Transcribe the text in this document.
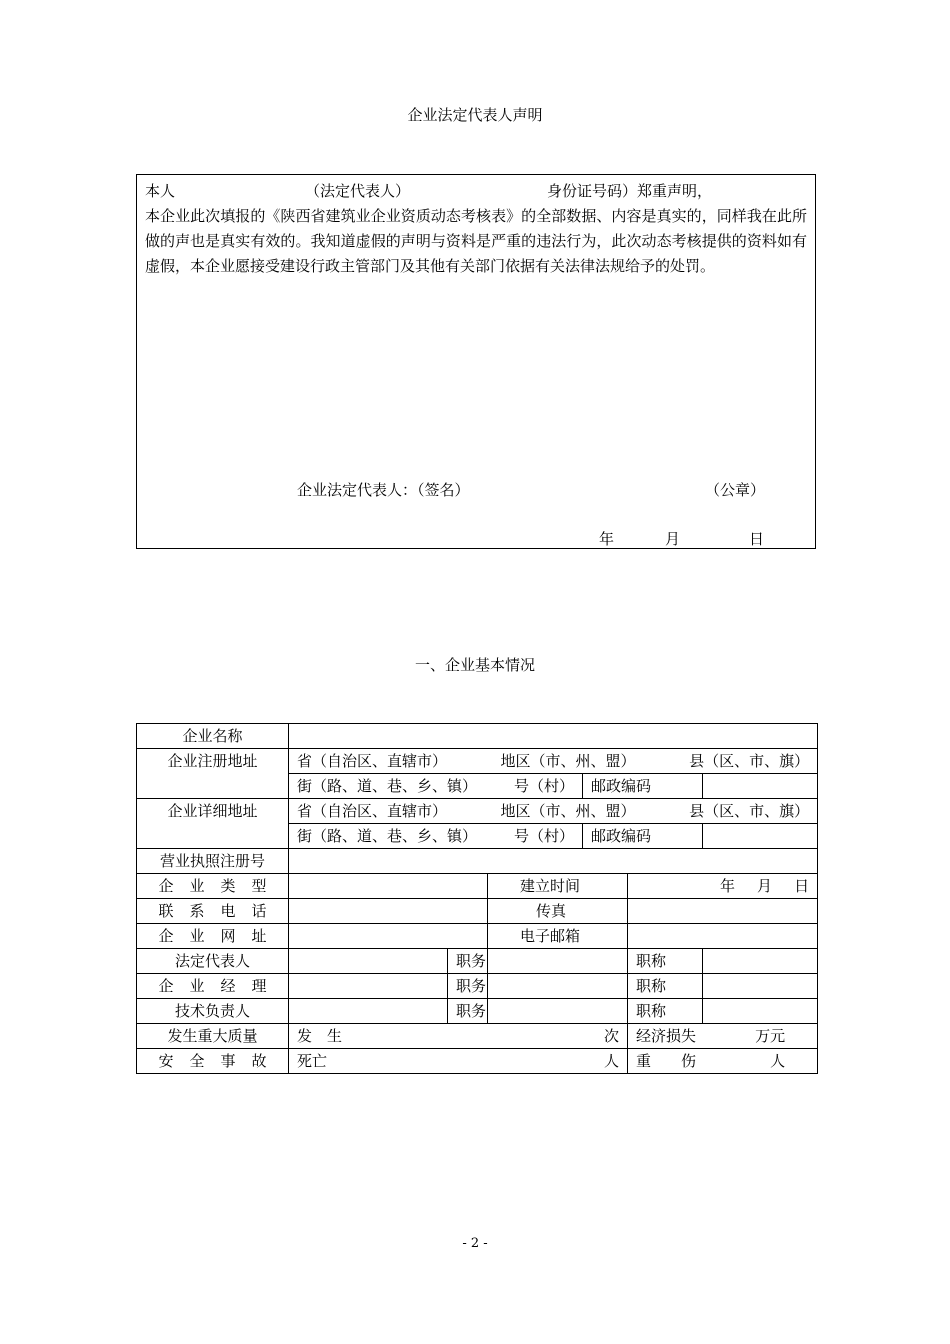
企业法定代表人声明
本人	（法定代表人）	身份证号码）郑重声明，
本企业此次填报的《陕西省建筑业企业资质动态考核表》的全部数据、内容是真实的，同样我在此所做的声也是真实有效的。我知道虚假的声明与资料是严重的违法行为，此次动态考核提供的资料如有虚假，本企业愿接受建设行政主管部门及其他有关部门依据有关法律法规给予的处罚。
企业法定代表人：（签名）	（公章）
年	月	日
一、企业基本情况
企业名称						
企业注册地址	省（自治区、直辖市） 地区（市、州、盟） 县（区、市、旗）					

	街（路、道、巷、乡、镇） 号（村）			邮政编码		
企业详细地址	省（自治区、直辖市） 地区（市、州、盟） 县（区、市、旗）					

	街（路、道、巷、乡、镇） 号（村）			邮政编码		
营业执照注册号						
企业类型			建立时间		年 月 日	

联系电话			传真			
企业网址			电子邮箱			
法定代表人		职务			职称	
企业经理		职务			职称	
技术负责人		职务			职称	
发生重大质量	发　生 次				经济损失 万元	

安全事故	死亡 人				重　　伤 人	
- 2 -
